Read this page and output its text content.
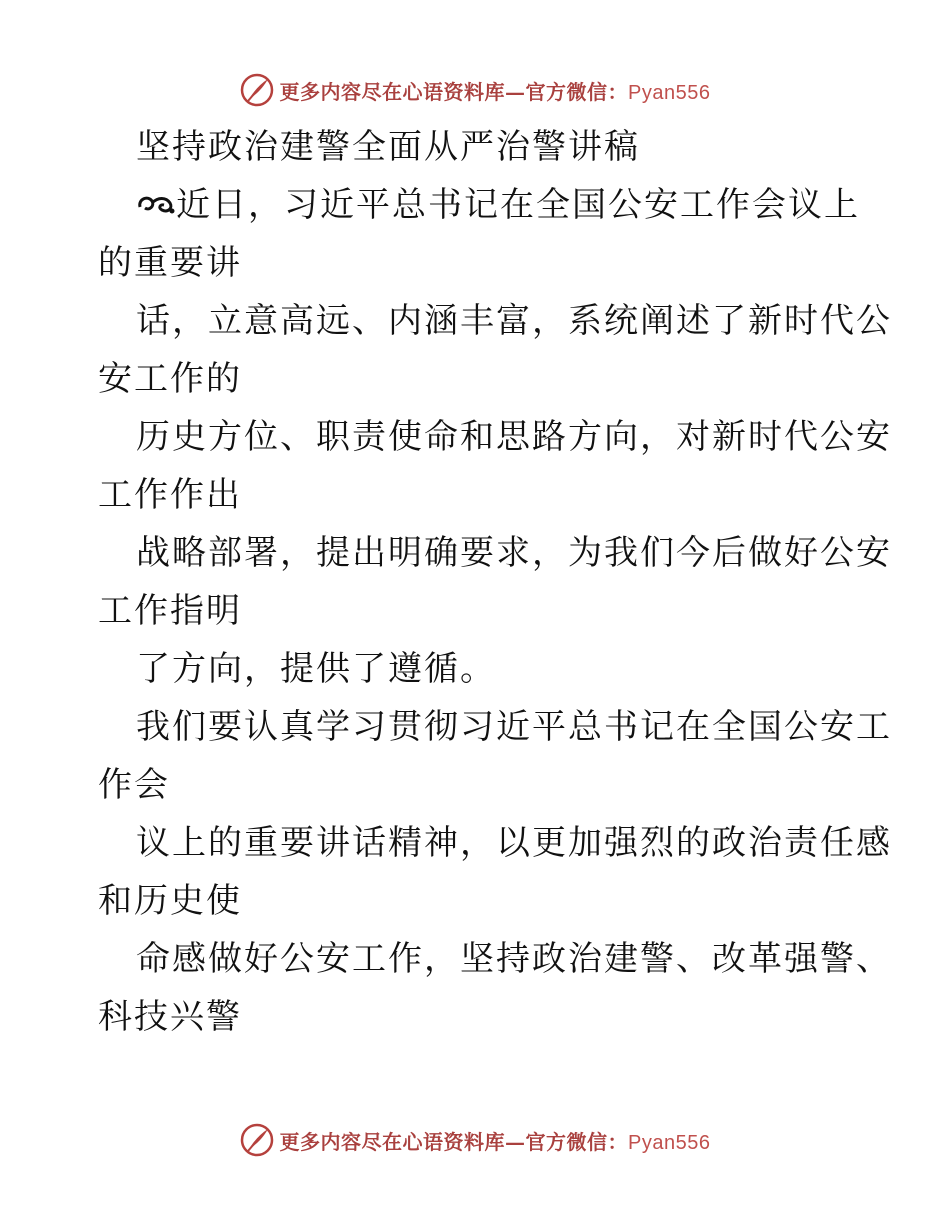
更多内容尽在心语资料库—官方微信：Pyan556
坚持政治建警全面从严治警讲稿
近日，习近平总书记在全国公安工作会议上
的重要讲
话，立意高远、内涵丰富，系统阐述了新时代公
安工作的
历史方位、职责使命和思路方向，对新时代公安
工作作出
战略部署，提出明确要求，为我们今后做好公安
工作指明
了方向，提供了遵循。
我们要认真学习贯彻习近平总书记在全国公安工
作会
议上的重要讲话精神，以更加强烈的政治责任感
和历史使
命感做好公安工作，坚持政治建警、改革强警、
科技兴警
更多内容尽在心语资料库—官方微信：Pyan556
